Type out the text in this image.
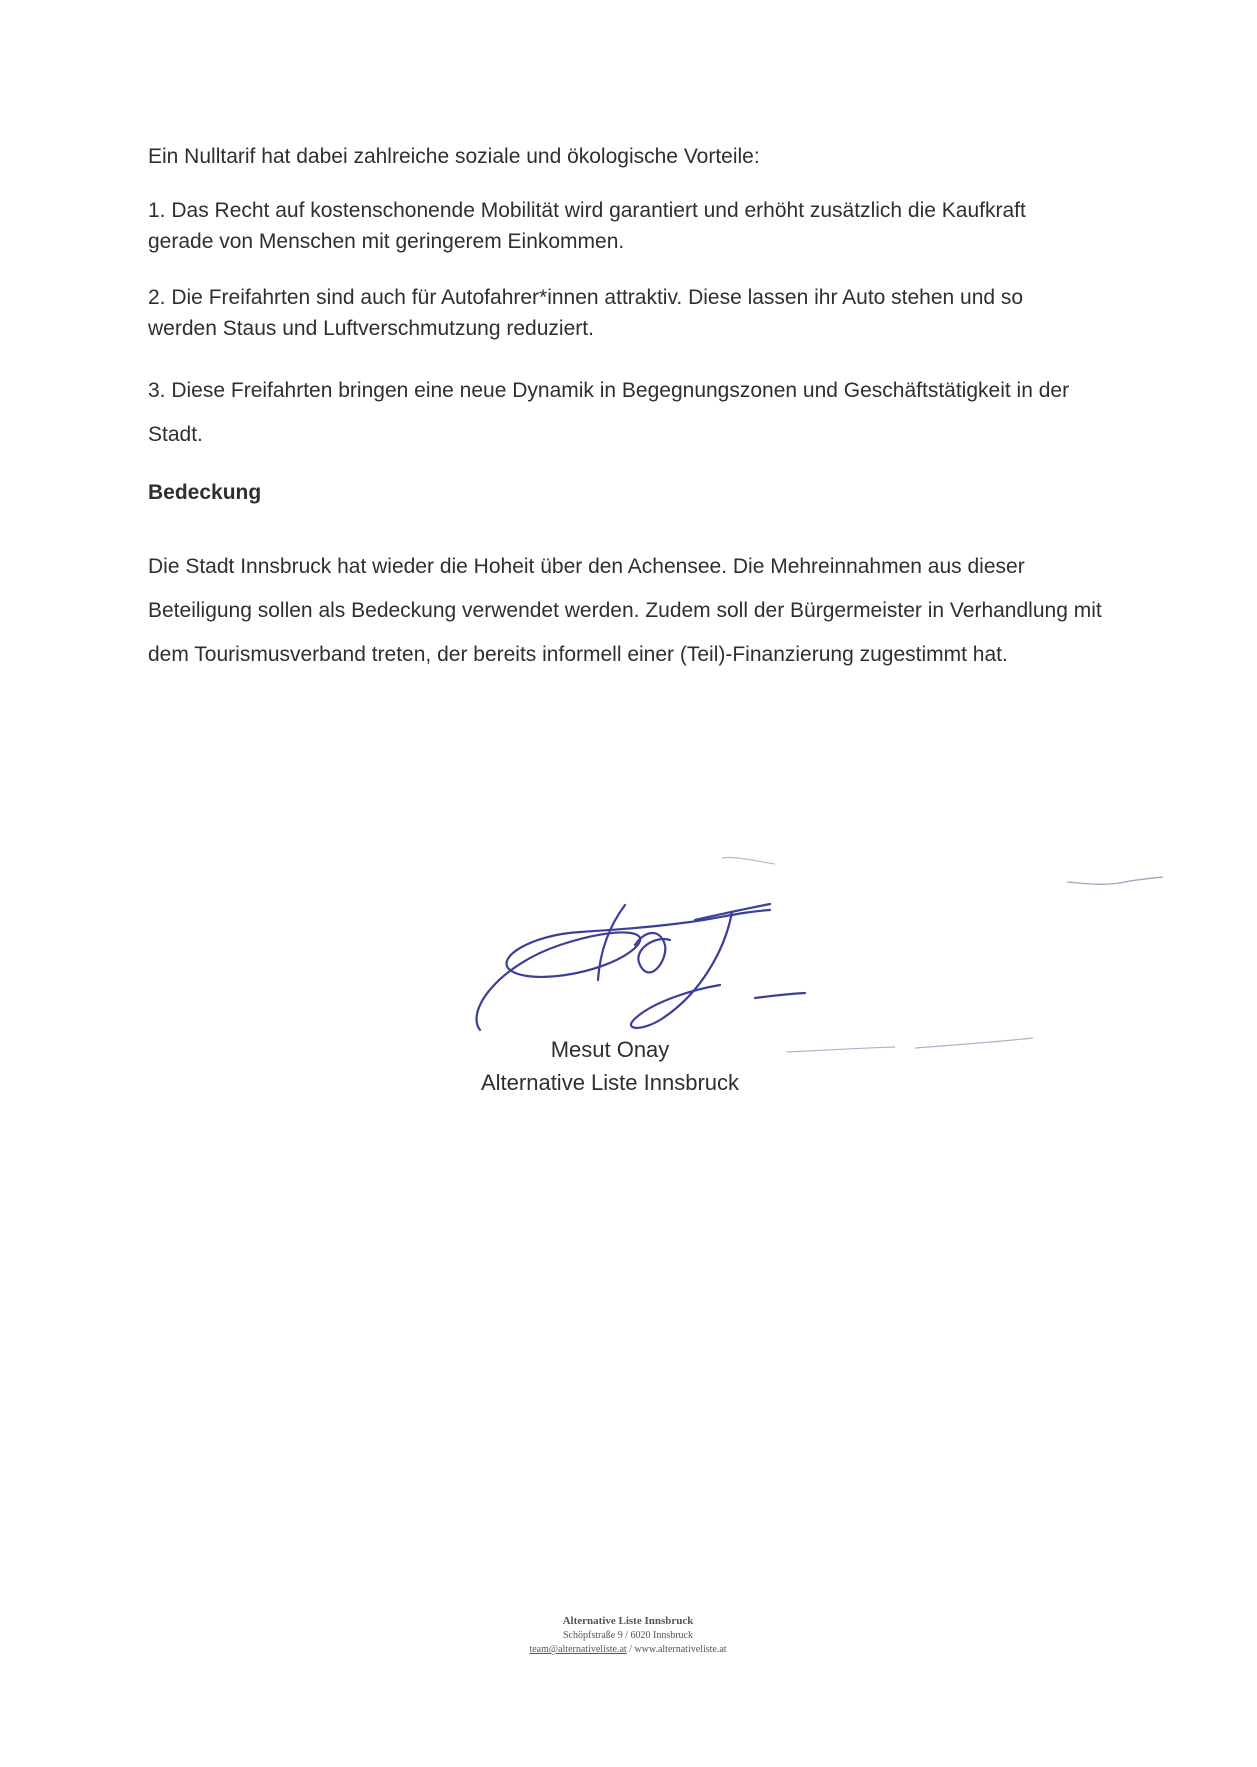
Ein Nulltarif hat dabei zahlreiche soziale und ökologische Vorteile:
1. Das Recht auf kostenschonende Mobilität wird garantiert und erhöht zusätzlich die Kaufkraft gerade von Menschen mit geringerem Einkommen.
2. Die Freifahrten sind auch für Autofahrer*innen attraktiv. Diese lassen ihr Auto stehen und so werden Staus und Luftverschmutzung reduziert.
3. Diese Freifahrten bringen eine neue Dynamik in Begegnungszonen und Geschäftstätigkeit in der Stadt.
Bedeckung
Die Stadt Innsbruck hat wieder die Hoheit über den Achensee. Die Mehreinnahmen aus dieser Beteiligung sollen als Bedeckung verwendet werden. Zudem soll der Bürgermeister in Verhandlung mit dem Tourismusverband treten, der bereits informell einer (Teil)-Finanzierung zugestimmt hat.
Mesut Onay
Alternative Liste Innsbruck
Alternative Liste Innsbruck
Schöpfstraße 9 / 6020 Innsbruck
team@alternativeliste.at / www.alternativeliste.at
